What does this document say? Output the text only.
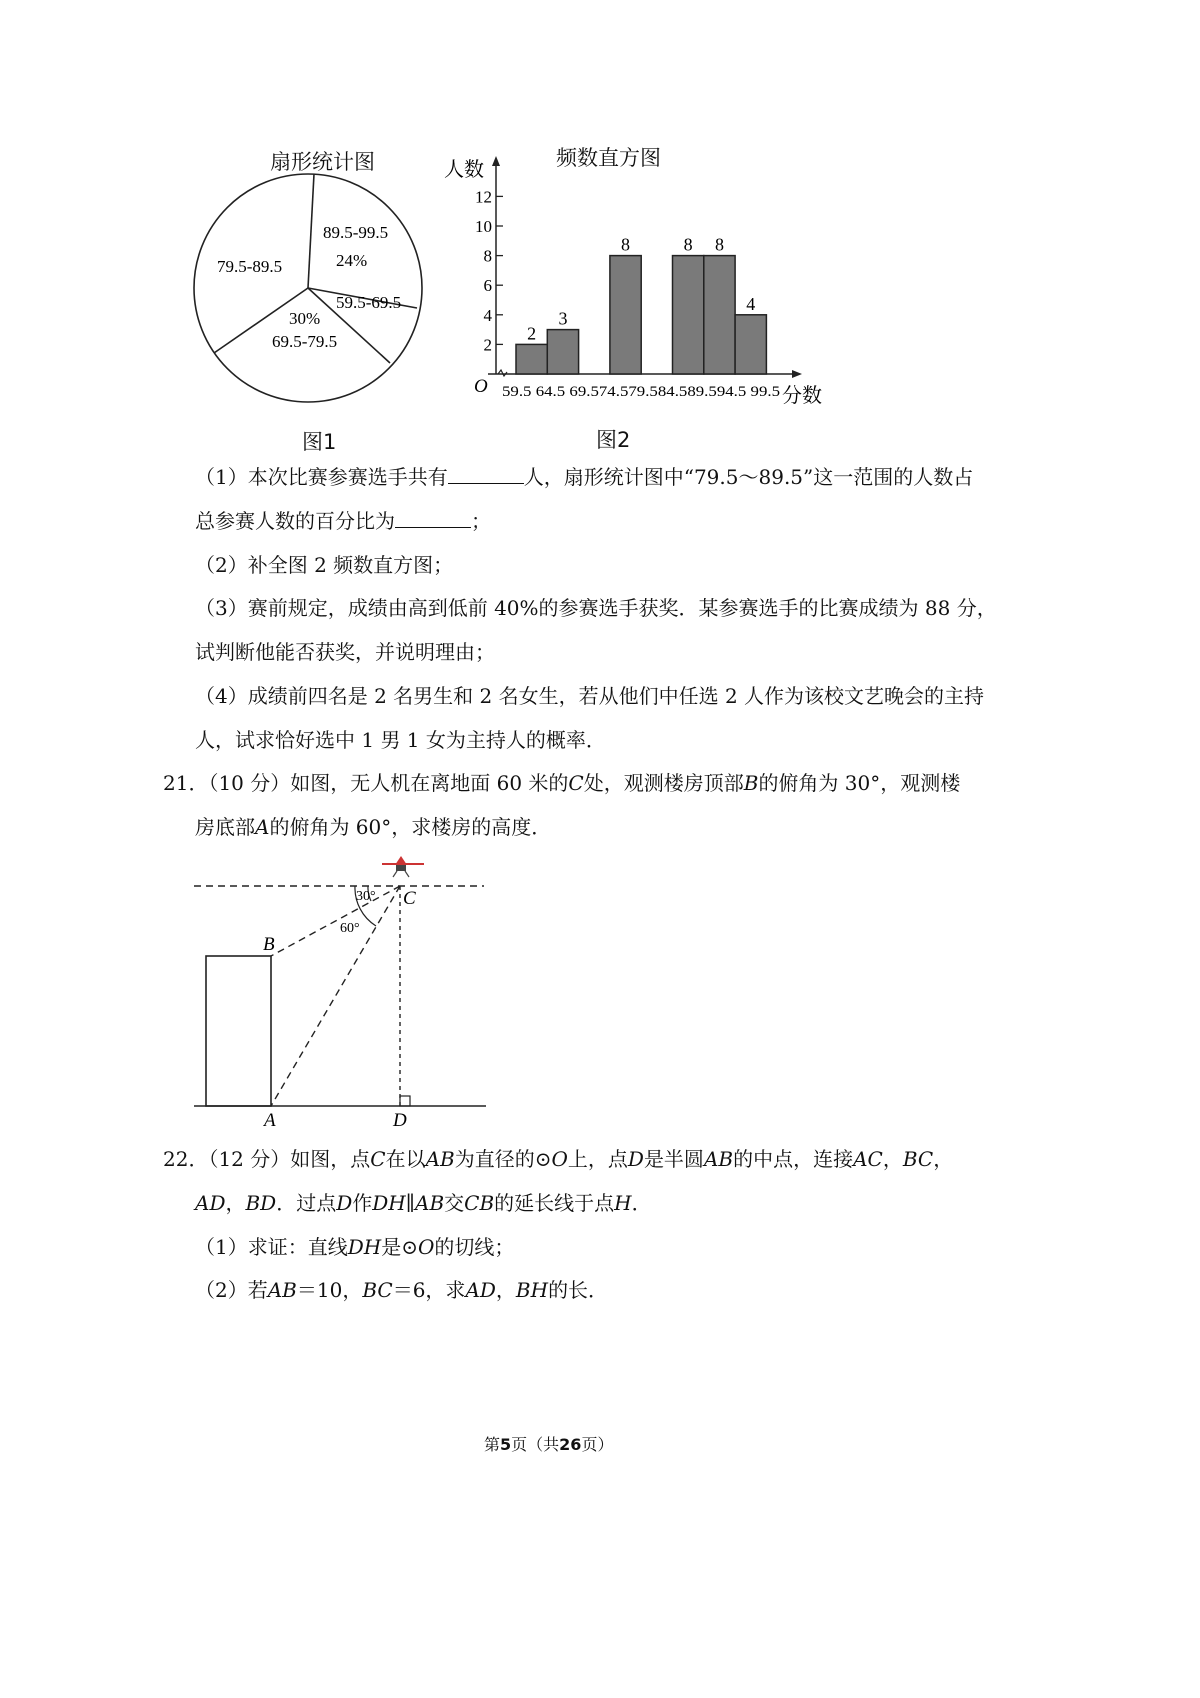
扇形统计图
89.5-99.5
24%
79.5-89.5
59.5-69.5
30%
69.5-79.5
图1
频数直方图
人数
O
2
4
6
8
10
12
2
3
8	8 8
4
59.5 64.5 69.574.579.584.589.594.5 99.5 分数
图2
（1）本次比赛参赛选手共有	人，扇形统计图中“79.5～89.5”这一范围的人数占
总参赛人数的百分比为	；
（2）补全图 2 频数直方图；
（3）赛前规定，成绩由高到低前 40%的参赛选手获奖．某参赛选手的比赛成绩为 88 分，
试判断他能否获奖，并说明理由；
（4）成绩前四名是 2 名男生和 2 名女生，若从他们中任选 2 人作为该校文艺晚会的主持
人，试求恰好选中 1 男 1 女为主持人的概率．
21．（10 分）如图，无人机在离地面 60 米的C处，观测楼房顶部B的俯角为 30°，观测楼
房底部A的俯角为 60°，求楼房的高度．
30°
60°
C
B
A	D
22．（12 分）如图，点C在以AB为直径的⊙O上，点D是半圆AB的中点，连接AC，BC，
AD，BD．过点D作DH∥AB交CB的延长线于点H．
（1）求证：直线DH是⊙O的切线；
（2）若AB＝10，BC＝6，求AD，BH的长．
第5页（共26页）
